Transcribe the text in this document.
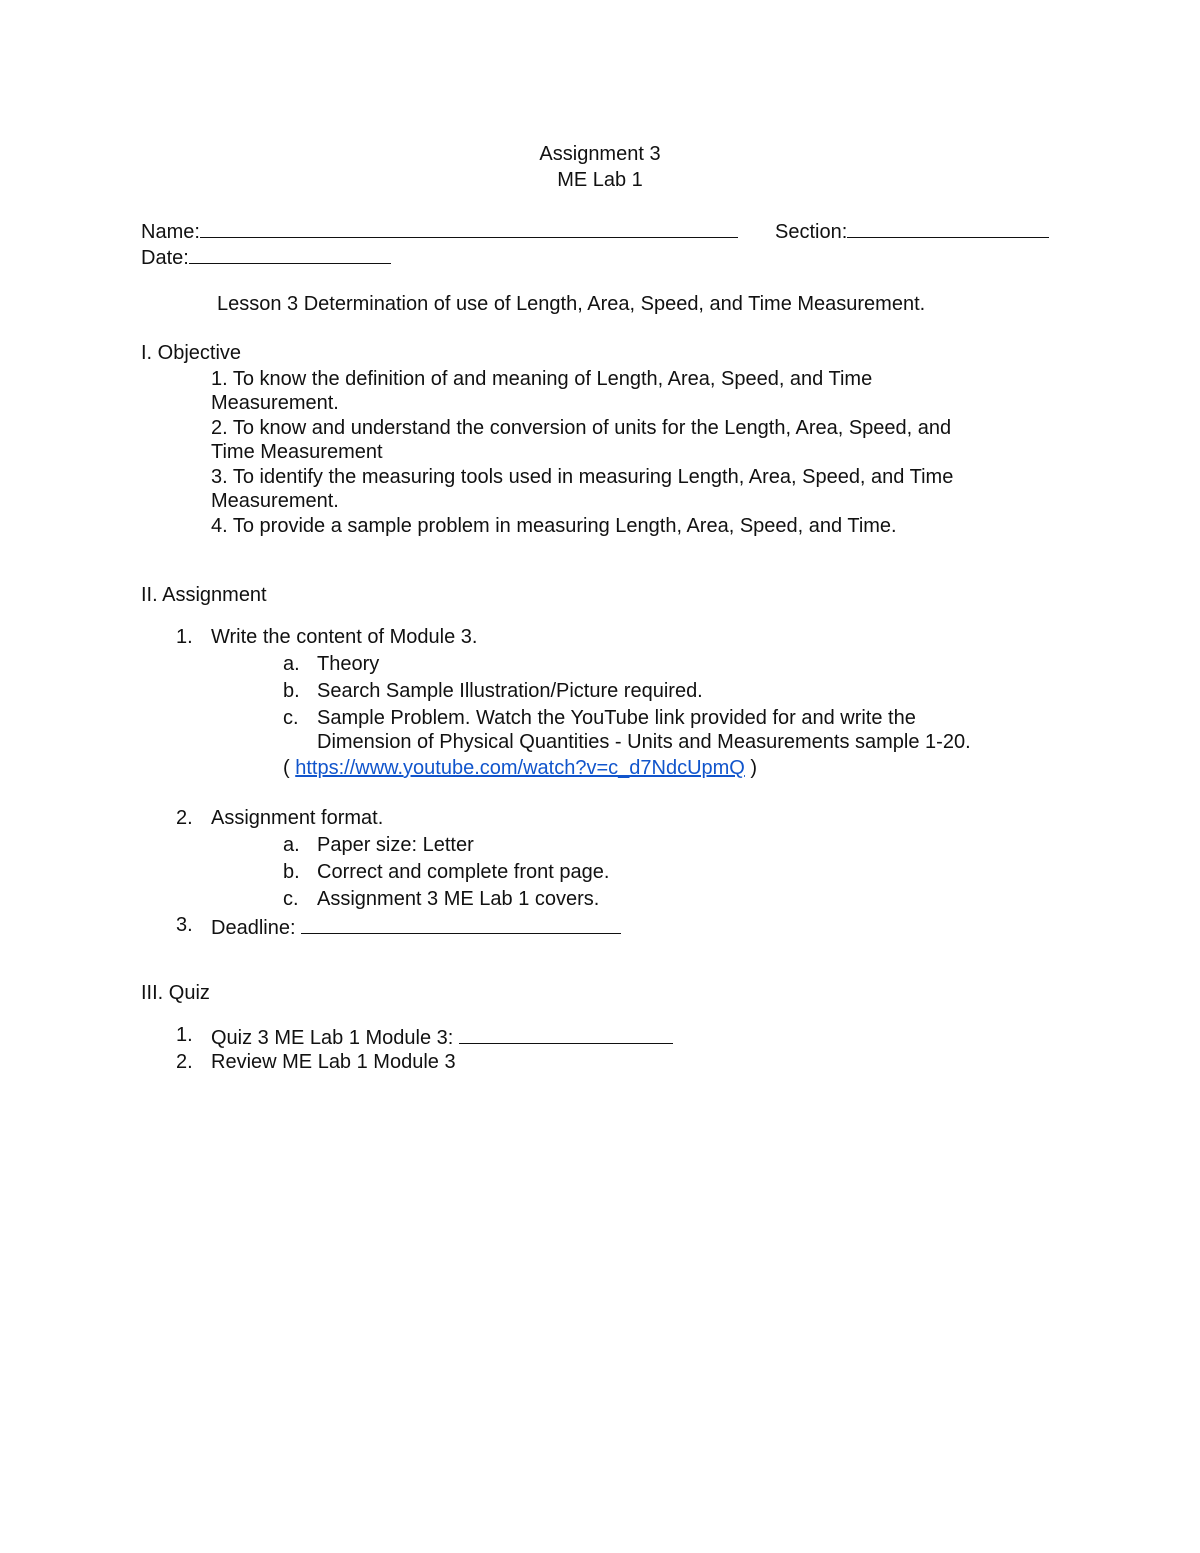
Assignment 3
ME Lab 1
Name:	Section:
Date:
Lesson 3 Determination of use of Length, Area, Speed, and Time Measurement.
I. Objective
1. To know the definition of and meaning of Length, Area, Speed, and Time
Measurement.
2. To know and understand the conversion of units for the Length, Area, Speed, and
Time Measurement
3. To identify the measuring tools used in measuring Length, Area, Speed, and Time
Measurement.
4. To provide a sample problem in measuring Length, Area, Speed, and Time.
II. Assignment
1. Write the content of Module 3.
a. Theory
b. Search Sample Illustration/Picture required.
c. Sample Problem. Watch the YouTube link provided for and write the
Dimension of Physical Quantities - Units and Measurements sample 1-20.
( https://www.youtube.com/watch?v=c_d7NdcUpmQ )
2. Assignment format.
a. Paper size: Letter
b. Correct and complete front page.
c. Assignment 3 ME Lab 1 covers.
3. Deadline:
III. Quiz
1. Quiz 3 ME Lab 1 Module 3:
2. Review ME Lab 1 Module 3
